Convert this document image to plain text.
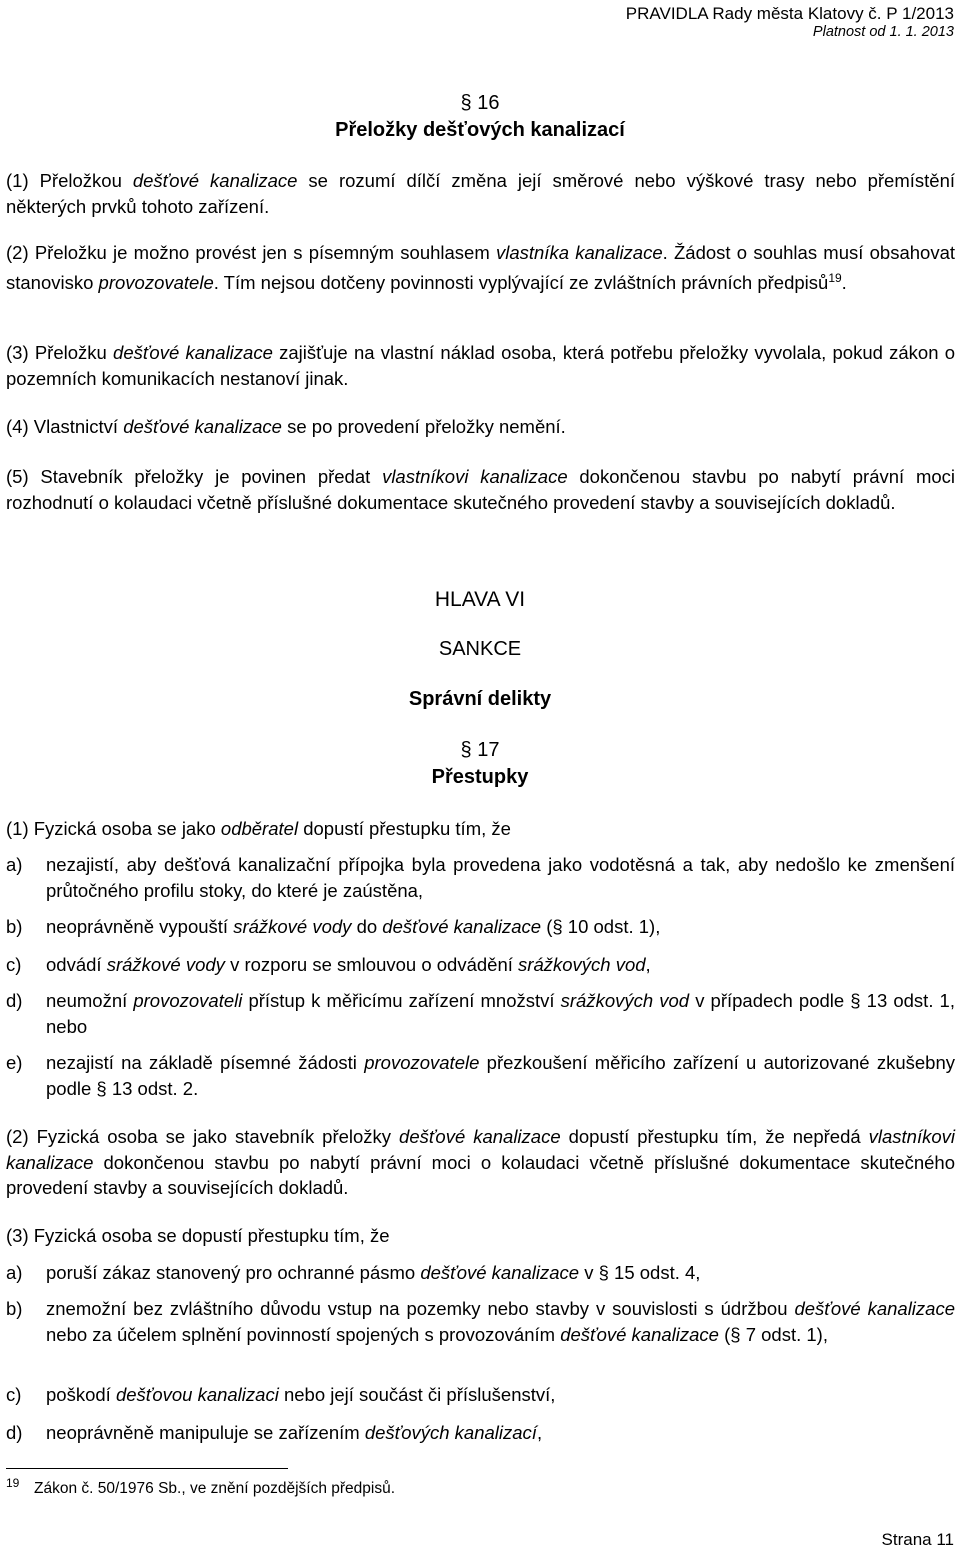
PRAVIDLA Rady města Klatovy č. P 1/2013
Platnost od 1. 1. 2013
§ 16
Přeložky dešťových kanalizací
(1) Přeložkou dešťové kanalizace se rozumí dílčí změna její směrové nebo výškové trasy nebo přemístění některých prvků tohoto zařízení.
(2) Přeložku je možno provést jen s písemným souhlasem vlastníka kanalizace. Žádost o souhlas musí obsahovat stanovisko provozovatele. Tím nejsou dotčeny povinnosti vyplývající ze zvláštních právních předpisů$^{19}$.
(3) Přeložku dešťové kanalizace zajišťuje na vlastní náklad osoba, která potřebu přeložky vyvolala, pokud zákon o pozemních komunikacích nestanoví jinak.
(4) Vlastnictví dešťové kanalizace se po provedení přeložky nemění.
(5) Stavebník přeložky je povinen předat vlastníkovi kanalizace dokončenou stavbu po nabytí právní moci rozhodnutí o kolaudaci včetně příslušné dokumentace skutečného provedení stavby a souvisejících dokladů.
HLAVA VI
SANKCE
Správní delikty
§ 17
Přestupky
(1) Fyzická osoba se jako odběratel dopustí přestupku tím, že
a) nezajistí, aby dešťová kanalizační přípojka byla provedena jako vodotěsná a tak, aby nedošlo ke zmenšení průtočného profilu stoky, do které je zaústěna,
b) neoprávněně vypouští srážkové vody do dešťové kanalizace (§ 10 odst. 1),
c) odvádí srážkové vody v rozporu se smlouvou o odvádění srážkových vod,
d) neumožní provozovateli přístup k měřicímu zařízení množství srážkových vod v případech podle § 13 odst. 1, nebo
e) nezajistí na základě písemné žádosti provozovatele přezkoušení měřicího zařízení u autorizované zkušebny podle § 13 odst. 2.
(2) Fyzická osoba se jako stavebník přeložky dešťové kanalizace dopustí přestupku tím, že nepředá vlastníkovi kanalizace dokončenou stavbu po nabytí právní moci o kolaudaci včetně příslušné dokumentace skutečného provedení stavby a souvisejících dokladů.
(3) Fyzická osoba se dopustí přestupku tím, že
a) poruší zákaz stanovený pro ochranné pásmo dešťové kanalizace v § 15 odst. 4,
b) znemožní bez zvláštního důvodu vstup na pozemky nebo stavby v souvislosti s údržbou dešťové kanalizace nebo za účelem splnění povinností spojených s provozováním dešťové kanalizace (§ 7 odst. 1),
c) poškodí dešťovou kanalizaci nebo její součást či příslušenství,
d) neoprávněně manipuluje se zařízením dešťových kanalizací,
19 Zákon č. 50/1976 Sb., ve znění pozdějších předpisů.
Strana 11
